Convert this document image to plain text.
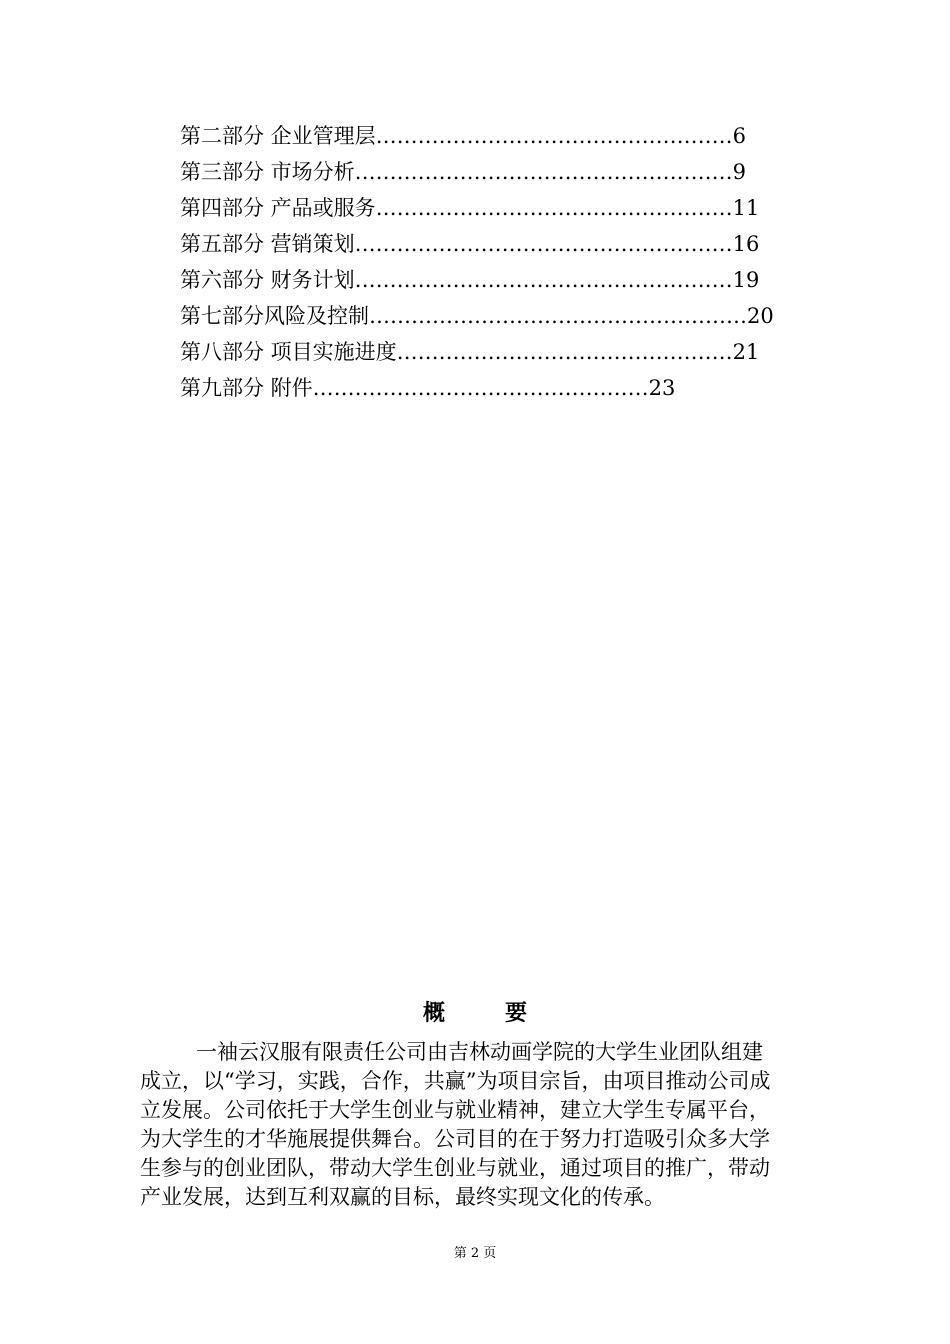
第二部分 企业管理层……………………………………………6
第三部分 市场分析………………………………………………9
第四部分 产品或服务……………………………………………11
第五部分 营销策划………………………………………………16
第六部分 财务计划………………………………………………19
第七部分风险及控制………………………………………………20
第八部分 项目实施进度…………………………………………21
第九部分 附件…………………………………………23
概要
一袖云汉服有限责任公司由吉林动画学院的大学生业团队组建
成立，以“学习，实践，合作，共赢”为项目宗旨，由项目推动公司成
立发展。公司依托于大学生创业与就业精神，建立大学生专属平台，
为大学生的才华施展提供舞台。公司目的在于努力打造吸引众多大学
生参与的创业团队，带动大学生创业与就业，通过项目的推广，带动
产业发展，达到互利双赢的目标，最终实现文化的传承。
第 2 页
